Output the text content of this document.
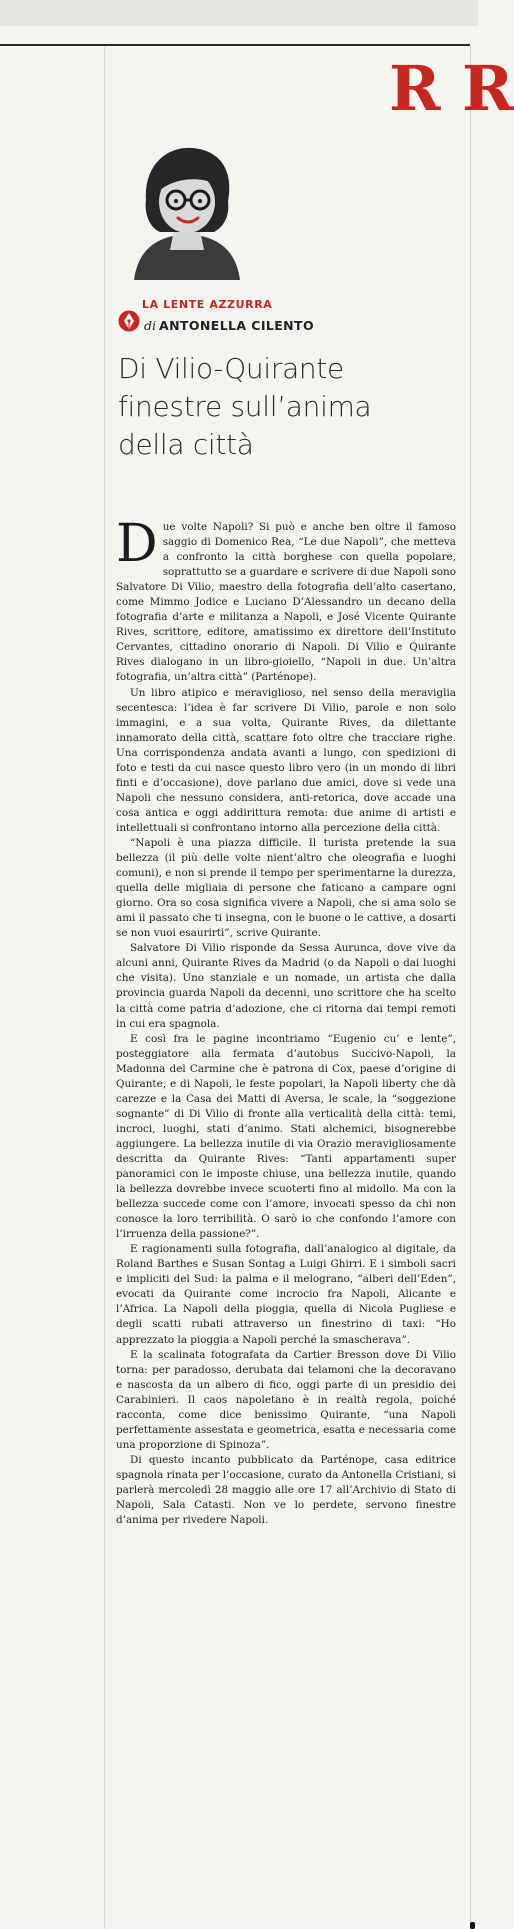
R R
LA LENTE AZZURRA
di ANTONELLA CILENTO
Di Vilio-Quirante
finestre sull’anima
della città

Due volte Napoli? Si può e anche ben oltre il famoso saggio di Domenico Rea, “Le due Napoli”, che metteva a confronto la città borghese con quella popolare, soprattutto se a guardare e scrivere di due Napoli sono Salvatore Di Vilio, maestro della fotografia dell’alto casertano, come Mimmo Jodice e Luciano D’Alessandro un decano della fotografia d’arte e militanza a Napoli, e José Vicente Quirante Rives, scrittore, editore, amatissimo ex direttore dell’Instituto Cervantes, cittadino onorario di Napoli. Di Vilio e Quirante Rives dialogano in un libro-gioiello, “Napoli in due. Un’altra fotografia, un’altra città” (Parténope).

Un libro atipico e meraviglioso, nel senso della meraviglia secentesca: l’idea è far scrivere Di Vilio, parole e non solo immagini, e a sua volta, Quirante Rives, da dilettante innamorato della città, scattare foto oltre che tracciare righe. Una corrispondenza andata avanti a lungo, con spedizioni di foto e testi da cui nasce questo libro vero (in un mondo di libri finti e d’occasione), dove parlano due amici, dove si vede una Napoli che nessuno considera, anti-retorica, dove accade una cosa antica e oggi addirittura remota: due anime di artisti e intellettuali si confrontano intorno alla percezione della città.

“Napoli è una piazza difficile. Il turista pretende la sua bellezza (il più delle volte nient’altro che oleografia e luoghi comuni), e non si prende il tempo per sperimentarne la durezza, quella delle migliaia di persone che faticano a campare ogni giorno. Ora so cosa significa vivere a Napoli, che si ama solo se ami il passato che ti insegna, con le buone o le cattive, a dosarti se non vuoi esaurirti”, scrive Quirante.

Salvatore Di Vilio risponde da Sessa Aurunca, dove vive da alcuni anni, Quirante Rives da Madrid (o da Napoli o dai luoghi che visita). Uno stanziale e un nomade, un artista che dalla provincia guarda Napoli da decenni, uno scrittore che ha scelto la città come patria d’adozione, che ci ritorna dai tempi remoti in cui era spagnola.

E così fra le pagine incontriamo “Eugenio cu’ e lente”, posteggiatore alla fermata d’autobus Succivo-Napoli, la Madonna del Carmine che è patrona di Cox, paese d’origine di Quirante, e di Napoli, le feste popolari, la Napoli liberty che dà carezze e la Casa dei Matti di Aversa, le scale, la “soggezione sognante” di Di Vilio di fronte alla verticalità della città: temi, incroci, luoghi, stati d’animo. Stati alchemici, bisognerebbe aggiungere. La bellezza inutile di via Orazio meravigliosamente descritta da Quirante Rives: “Tanti appartamenti super panoramici con le imposte chiuse, una bellezza inutile, quando la bellezza dovrebbe invece scuoterti fino al midollo. Ma con la bellezza succede come con l’amore, invocati spesso da chi non conosce la loro terribilità. O sarò io che confondo l’amore con l’irruenza della passione?”.

E ragionamenti sulla fotografia, dall’analogico al digitale, da Roland Barthes e Susan Sontag a Luigi Ghirri. E i simboli sacri e impliciti del Sud: la palma e il melograno, “alberi dell’Eden”, evocati da Quirante come incrocio fra Napoli, Alicante e l’Africa. La Napoli della pioggia, quella di Nicola Pugliese e degli scatti rubati attraverso un finestrino di taxi: “Ho apprezzato la pioggia a Napoli perché la smascherava”.

E la scalinata fotografata da Cartier Bresson dove Di Vilio torna: per paradosso, derubata dai telamoni che la decoravano e nascosta da un albero di fico, oggi parte di un presidio dei Carabinieri. Il caos napoletano è in realtà regola, poiché racconta, come dice benissimo Quirante, “una Napoli perfettamente assestata e geometrica, esatta e necessaria come una proporzione di Spinoza”.

Di questo incanto pubblicato da Parténope, casa editrice spagnola rinata per l’occasione, curato da Antonella Cristiani, si parlerà mercoledì 28 maggio alle ore 17 all’Archivio di Stato di Napoli, Sala Catasti. Non ve lo perdete, servono finestre d’anima per rivedere Napoli.
